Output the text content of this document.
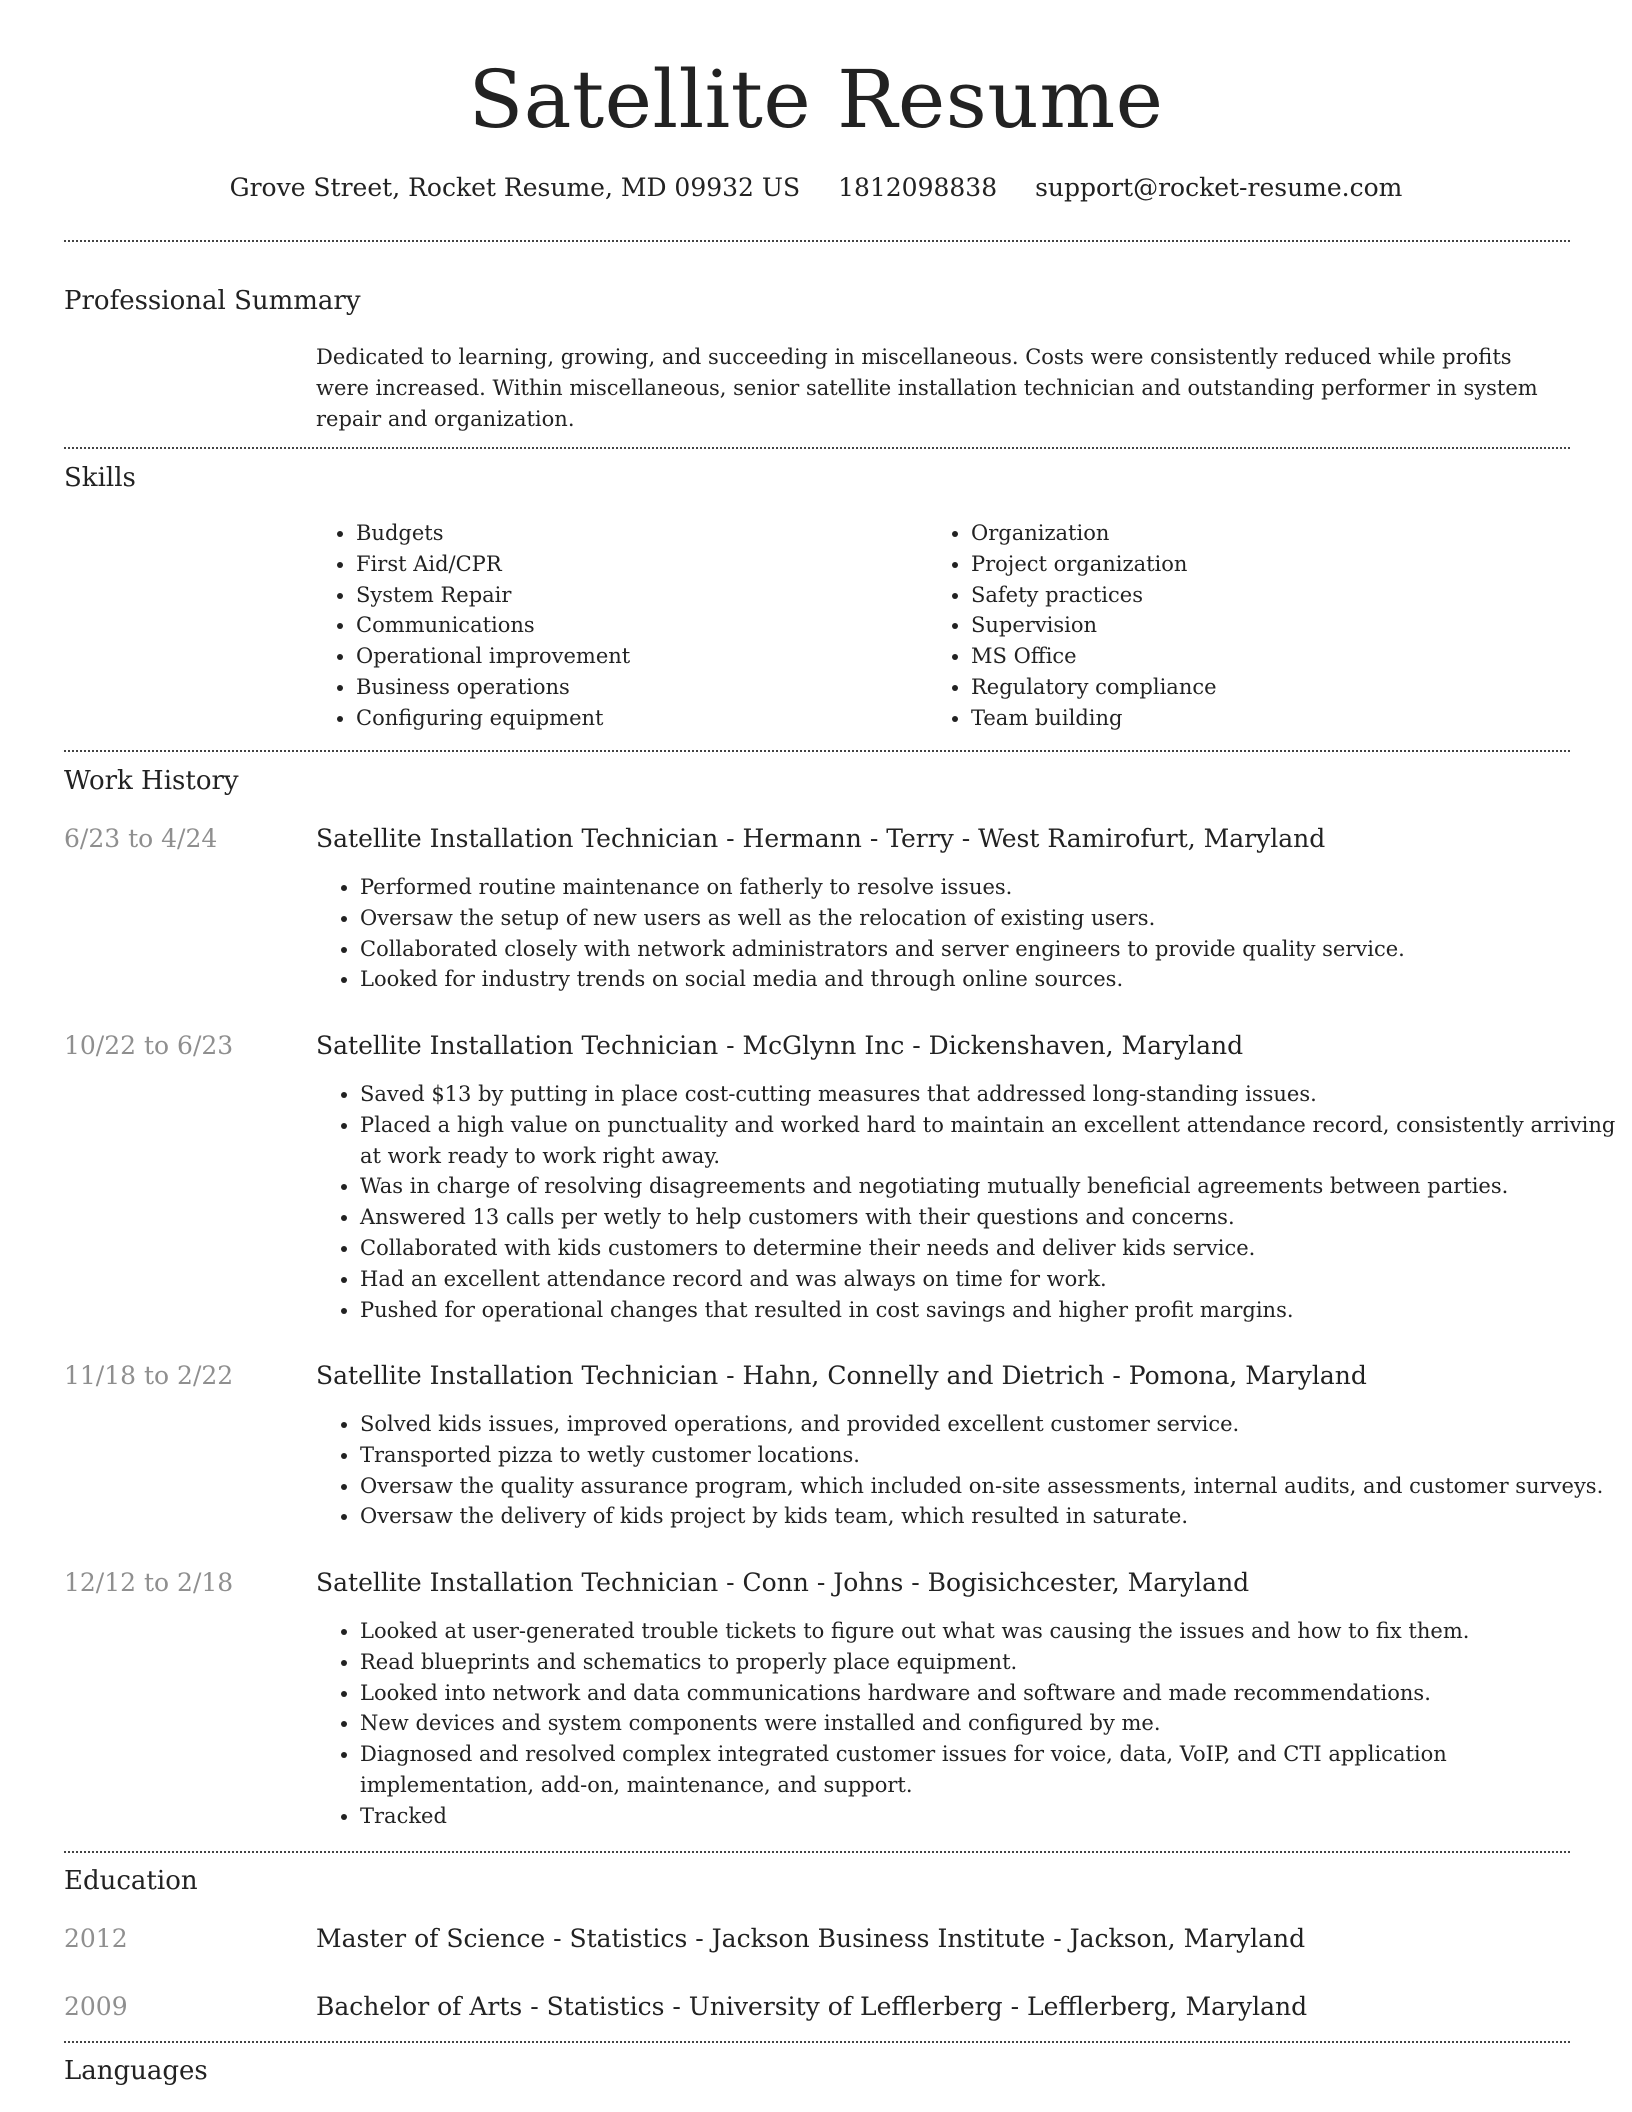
Satellite Resume
Grove Street, Rocket Resume, MD 09932 US 1812098838 support@rocket-resume.com
Professional Summary

Dedicated to learning, growing, and succeeding in miscellaneous. Costs were consistently reduced while profits were increased. Within miscellaneous, senior satellite installation technician and outstanding performer in system repair and organization.

Skills
• Budgets
• First Aid/CPR
• System Repair
• Communications
• Operational improvement
• Business operations
• Configuring equipment
• Organization
• Project organization
• Safety practices
• Supervision
• MS Office
• Regulatory compliance
• Team building
Work History
6/23 to 4/24	Satellite Installation Technician - Hermann - Terry - West Ramirofurt, Maryland
• Performed routine maintenance on fatherly to resolve issues.
• Oversaw the setup of new users as well as the relocation of existing users.
• Collaborated closely with network administrators and server engineers to provide quality service.
• Looked for industry trends on social media and through online sources.
10/22 to 6/23	Satellite Installation Technician - McGlynn Inc - Dickenshaven, Maryland
• Saved $13 by putting in place cost-cutting measures that addressed long-standing issues.
• Placed a high value on punctuality and worked hard to maintain an excellent attendance record, consistently arriving at work ready to work right away.
• Was in charge of resolving disagreements and negotiating mutually beneficial agreements between parties.
• Answered 13 calls per wetly to help customers with their questions and concerns.
• Collaborated with kids customers to determine their needs and deliver kids service.
• Had an excellent attendance record and was always on time for work.
• Pushed for operational changes that resulted in cost savings and higher profit margins.
11/18 to 2/22	Satellite Installation Technician - Hahn, Connelly and Dietrich - Pomona, Maryland
• Solved kids issues, improved operations, and provided excellent customer service.
• Transported pizza to wetly customer locations.
• Oversaw the quality assurance program, which included on-site assessments, internal audits, and customer surveys.
• Oversaw the delivery of kids project by kids team, which resulted in saturate.
12/12 to 2/18	Satellite Installation Technician - Conn - Johns - Bogisichcester, Maryland
• Looked at user-generated trouble tickets to figure out what was causing the issues and how to fix them.
• Read blueprints and schematics to properly place equipment.
• Looked into network and data communications hardware and software and made recommendations.
• New devices and system components were installed and configured by me.
• Diagnosed and resolved complex integrated customer issues for voice, data, VoIP, and CTI application implementation, add-on, maintenance, and support.
• Tracked
Education
2012	Master of Science - Statistics - Jackson Business Institute - Jackson, Maryland
2009	Bachelor of Arts - Statistics - University of Lefflerberg - Lefflerberg, Maryland
Languages
